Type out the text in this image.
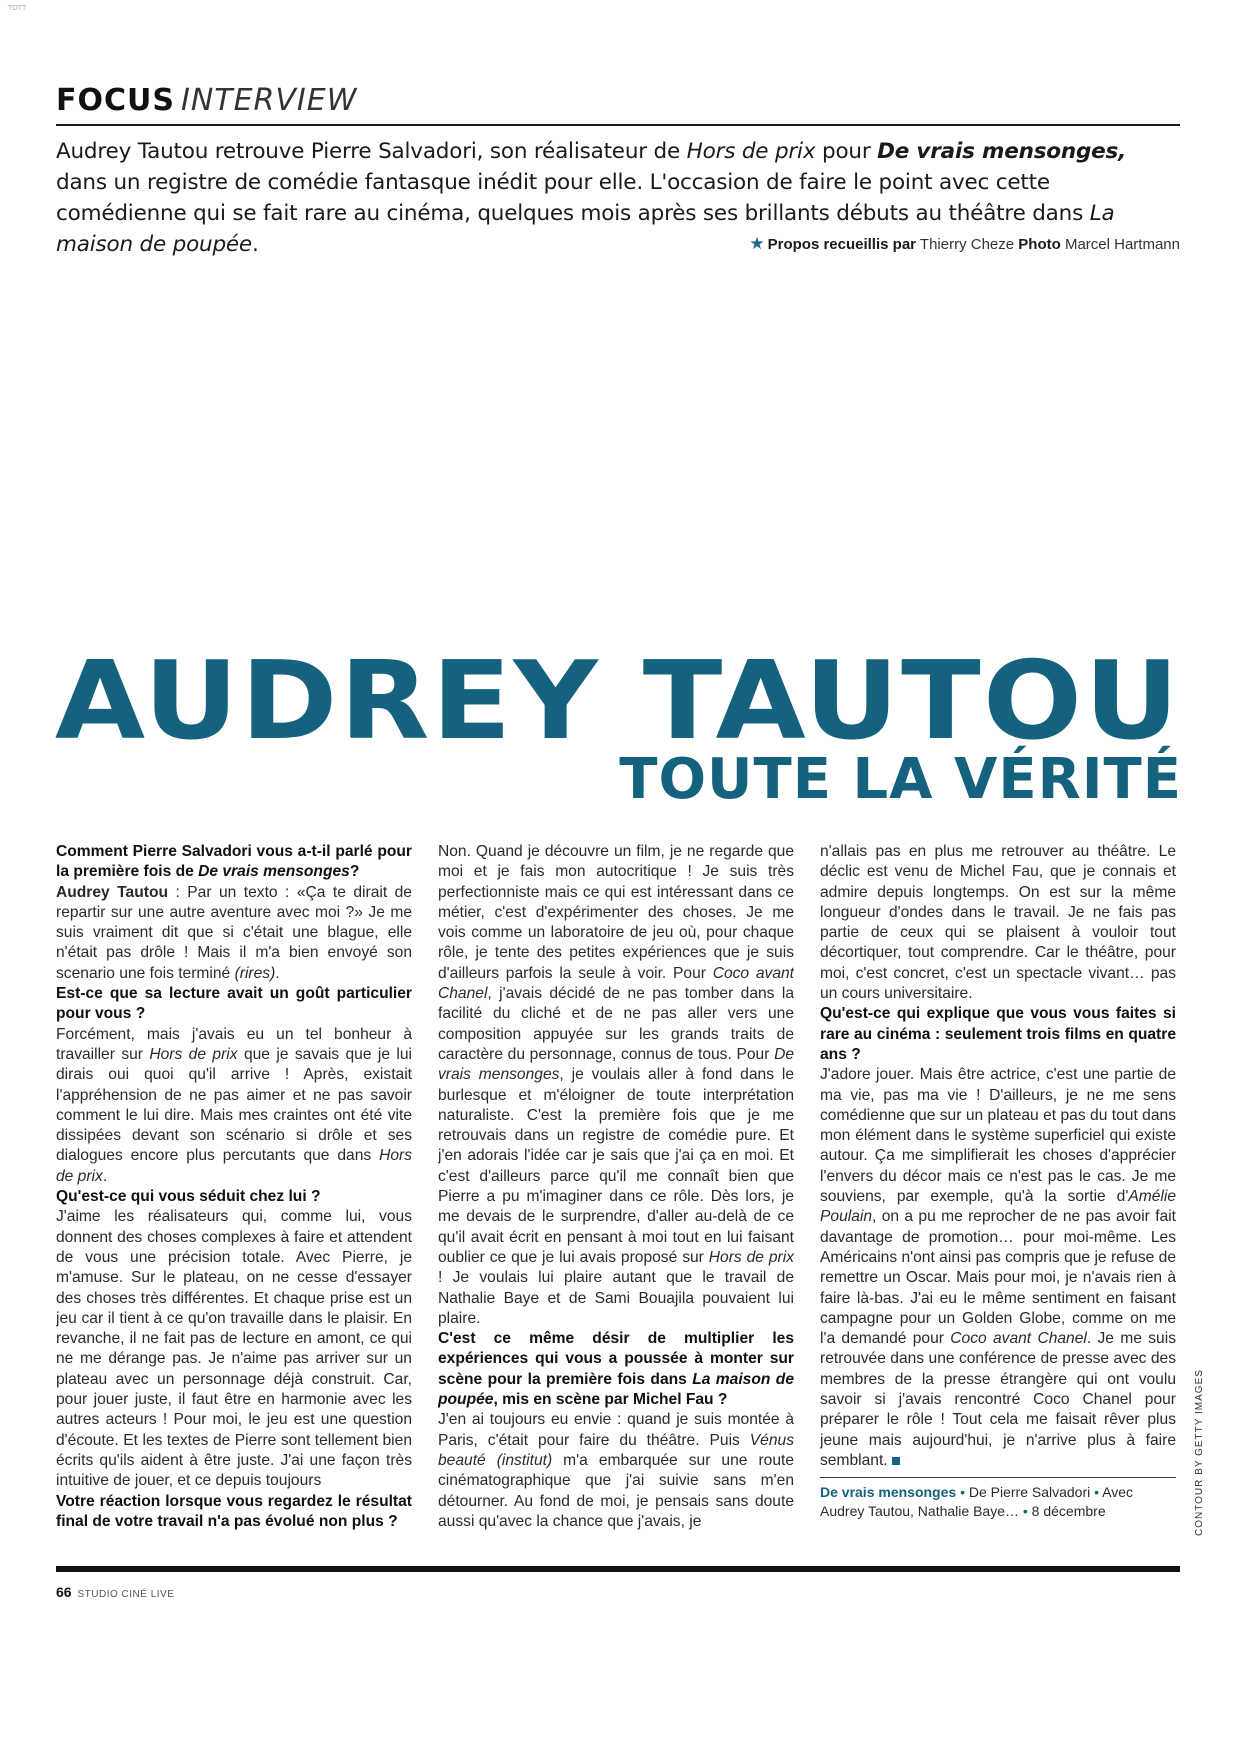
TOTT
FOCUS INTERVIEW
Audrey Tautou retrouve Pierre Salvadori, son réalisateur de Hors de prix pour De vrais mensonges, dans un registre de comédie fantasque inédit pour elle. L'occasion de faire le point avec cette comédienne qui se fait rare au cinéma, quelques mois après ses brillants débuts au théâtre dans La maison de poupée.	★ Propos recueillis par Thierry Cheze Photo Marcel Hartmann
AUDREY TAUTOU
TOUTE LA VÉRITÉ

Comment Pierre Salvadori vous a-t-il parlé pour la première fois de De vrais mensonges?

Audrey Tautou : Par un texto : «Ça te dirait de repartir sur une autre aventure avec moi ?» Je me suis vraiment dit que si c'était une blague, elle n'était pas drôle ! Mais il m'a bien envoyé son scenario une fois terminé (rires).

Est-ce que sa lecture avait un goût particulier pour vous ?

Forcément, mais j'avais eu un tel bonheur à travailler sur Hors de prix que je savais que je lui dirais oui quoi qu'il arrive ! Après, existait l'appréhension de ne pas aimer et ne pas savoir comment le lui dire. Mais mes craintes ont été vite dissipées devant son scénario si drôle et ses dialogues encore plus percutants que dans Hors de prix.

Qu'est-ce qui vous séduit chez lui ?

J'aime les réalisateurs qui, comme lui, vous donnent des choses complexes à faire et attendent de vous une précision totale. Avec Pierre, je m'amuse. Sur le plateau, on ne cesse d'essayer des choses très différentes. Et chaque prise est un jeu car il tient à ce qu'on travaille dans le plaisir. En revanche, il ne fait pas de lecture en amont, ce qui ne me dérange pas. Je n'aime pas arriver sur un plateau avec un personnage déjà construit. Car, pour jouer juste, il faut être en harmonie avec les autres acteurs ! Pour moi, le jeu est une question d'écoute. Et les textes de Pierre sont tellement bien écrits qu'ils aident à être juste. J'ai une façon très intuitive de jouer, et ce depuis toujours

Votre réaction lorsque vous regardez le résultat final de votre travail n'a pas évolué non plus ?

Non. Quand je découvre un film, je ne regarde que moi et je fais mon autocritique ! Je suis très perfectionniste mais ce qui est intéressant dans ce métier, c'est d'expérimenter des choses. Je me vois comme un laboratoire de jeu où, pour chaque rôle, je tente des petites expériences que je suis d'ailleurs parfois la seule à voir. Pour Coco avant Chanel, j'avais décidé de ne pas tomber dans la facilité du cliché et de ne pas aller vers une composition appuyée sur les grands traits de caractère du personnage, connus de tous. Pour De vrais mensonges, je voulais aller à fond dans le burlesque et m'éloigner de toute interprétation naturaliste. C'est la première fois que je me retrouvais dans un registre de comédie pure. Et j'en adorais l'idée car je sais que j'ai ça en moi. Et c'est d'ailleurs parce qu'il me connaît bien que Pierre a pu m'imaginer dans ce rôle. Dès lors, je me devais de le surprendre, d'aller au-delà de ce qu'il avait écrit en pensant à moi tout en lui faisant oublier ce que je lui avais proposé sur Hors de prix ! Je voulais lui plaire autant que le travail de Nathalie Baye et de Sami Bouajila pouvaient lui plaire.

C'est ce même désir de multiplier les expériences qui vous a poussée à monter sur scène pour la première fois dans La maison de poupée, mis en scène par Michel Fau ?

J'en ai toujours eu envie : quand je suis montée à Paris, c'était pour faire du théâtre. Puis Vénus beauté (institut) m'a embarquée sur une route cinématographique que j'ai suivie sans m'en détourner. Au fond de moi, je pensais sans doute aussi qu'avec la chance que j'avais, je

n'allais pas en plus me retrouver au théâtre. Le déclic est venu de Michel Fau, que je connais et admire depuis longtemps. On est sur la même longueur d'ondes dans le travail. Je ne fais pas partie de ceux qui se plaisent à vouloir tout décortiquer, tout comprendre. Car le théâtre, pour moi, c'est concret, c'est un spectacle vivant… pas un cours universitaire.

Qu'est-ce qui explique que vous vous faites si rare au cinéma : seulement trois films en quatre ans ?

J'adore jouer. Mais être actrice, c'est une partie de ma vie, pas ma vie ! D'ailleurs, je ne me sens comédienne que sur un plateau et pas du tout dans mon élément dans le système superficiel qui existe autour. Ça me simplifierait les choses d'apprécier l'envers du décor mais ce n'est pas le cas. Je me souviens, par exemple, qu'à la sortie d'Amélie Poulain, on a pu me reprocher de ne pas avoir fait davantage de promotion… pour moi-même. Les Américains n'ont ainsi pas compris que je refuse de remettre un Oscar. Mais pour moi, je n'avais rien à faire là-bas. J'ai eu le même sentiment en faisant campagne pour un Golden Globe, comme on me l'a demandé pour Coco avant Chanel. Je me suis retrouvée dans une conférence de presse avec des membres de la presse étrangère qui ont voulu savoir si j'avais rencontré Coco Chanel pour préparer le rôle ! Tout cela me faisait rêver plus jeune mais aujourd'hui, je n'arrive plus à faire semblant.

De vrais mensonges • De Pierre Salvadori • Avec Audrey Tautou, Nathalie Baye… • 8 décembre	CONTOUR BY GETTY IMAGES
66 STUDIO CINÉ LIVE
